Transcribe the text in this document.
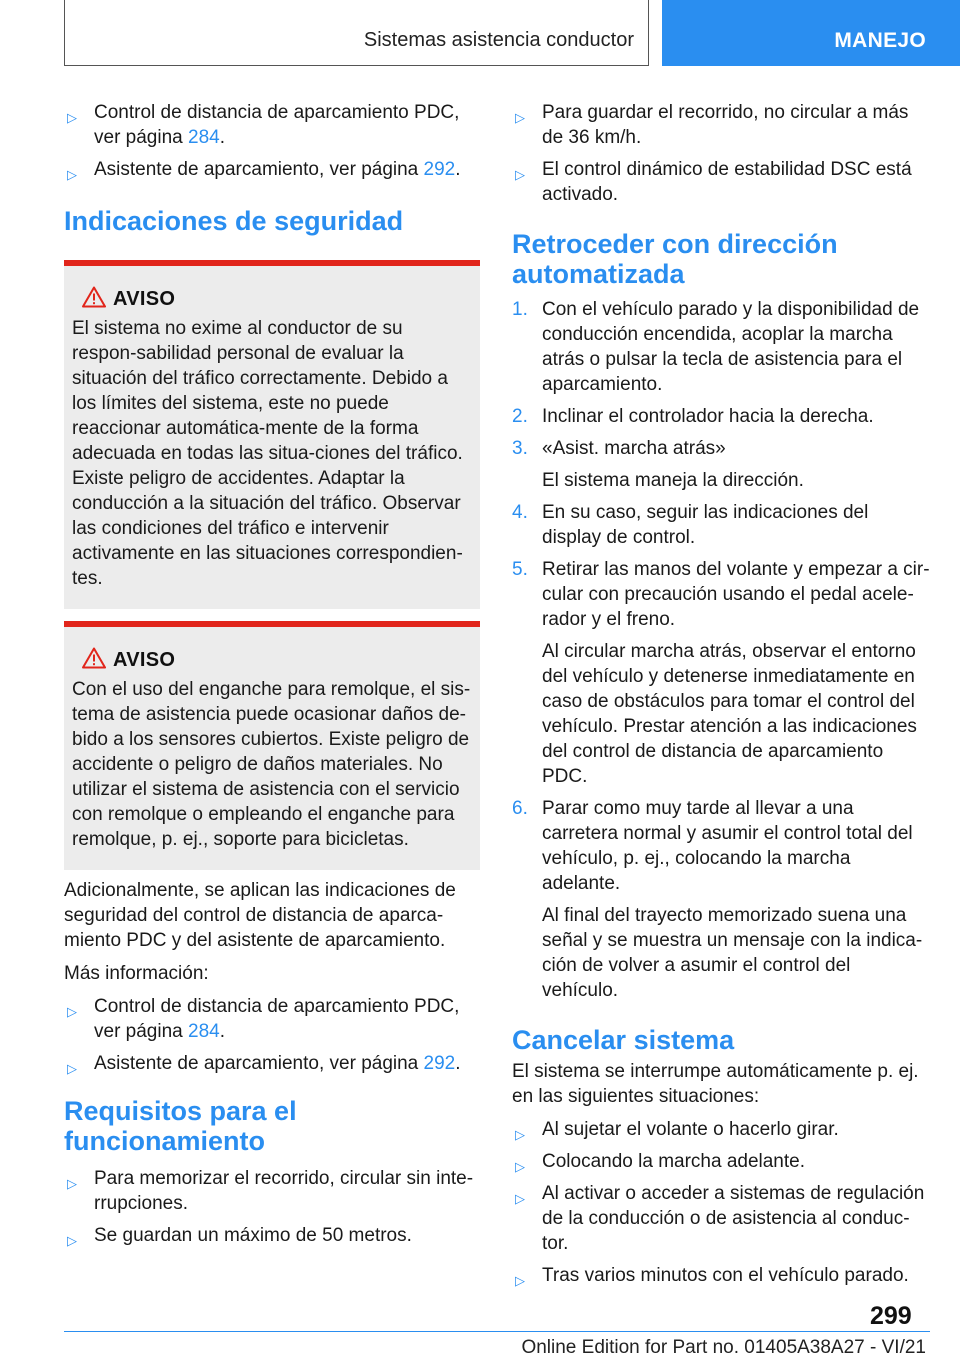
Sistemas asistencia conductor	MANEJO
▷ Control de distancia de aparcamiento PDC, ver página 284.
▷ Asistente de aparcamiento, ver página 292.
Indicaciones de seguridad
AVISO
El sistema no exime al conductor de su respon-sabilidad personal de evaluar la situación del tráfico correctamente. Debido a los límites del sistema, este no puede reaccionar automática-mente de la forma adecuada en todas las situa-ciones del tráfico. Existe peligro de accidentes. Adaptar la conducción a la situación del tráfico. Observar las condiciones del tráfico e intervenir activamente en las situaciones correspondien-tes.
AVISO
Con el uso del enganche para remolque, el sis-tema de asistencia puede ocasionar daños de-bido a los sensores cubiertos. Existe peligro de accidente o peligro de daños materiales. No utilizar el sistema de asistencia con el servicio con remolque o empleando el enganche para remolque, p. ej., soporte para bicicletas.
Adicionalmente, se aplican las indicaciones de seguridad del control de distancia de aparca-miento PDC y del asistente de aparcamiento.
Más información:
▷ Control de distancia de aparcamiento PDC, ver página 284.
▷ Asistente de aparcamiento, ver página 292.
Requisitos para el funcionamiento
▷ Para memorizar el recorrido, circular sin inte-rrupciones.
▷ Se guardan un máximo de 50 metros.
▷ Para guardar el recorrido, no circular a más de 36 km/h.
▷ El control dinámico de estabilidad DSC está activado.
Retroceder con dirección automatizada
1. Con el vehículo parado y la disponibilidad de conducción encendida, acoplar la marcha atrás o pulsar la tecla de asistencia para el aparcamiento.
2. Inclinar el controlador hacia la derecha.
3. «Asist. marcha atrás»
El sistema maneja la dirección.
4. En su caso, seguir las indicaciones del display de control.
5. Retirar las manos del volante y empezar a cir-cular con precaución usando el pedal acele-rador y el freno.
Al circular marcha atrás, observar el entorno del vehículo y detenerse inmediatamente en caso de obstáculos para tomar el control del vehículo. Prestar atención a las indicaciones del control de distancia de aparcamiento PDC.
6. Parar como muy tarde al llevar a una carretera normal y asumir el control total del vehículo, p. ej., colocando la marcha adelante.
Al final del trayecto memorizado suena una señal y se muestra un mensaje con la indica-ción de volver a asumir el control del vehículo.
Cancelar sistema
El sistema se interrumpe automáticamente p. ej. en las siguientes situaciones:
▷ Al sujetar el volante o hacerlo girar.
▷ Colocando la marcha adelante.
▷ Al activar o acceder a sistemas de regulación de la conducción o de asistencia al conduc-tor.
▷ Tras varios minutos con el vehículo parado.
299
Online Edition for Part no. 01405A38A27 - VI/21
